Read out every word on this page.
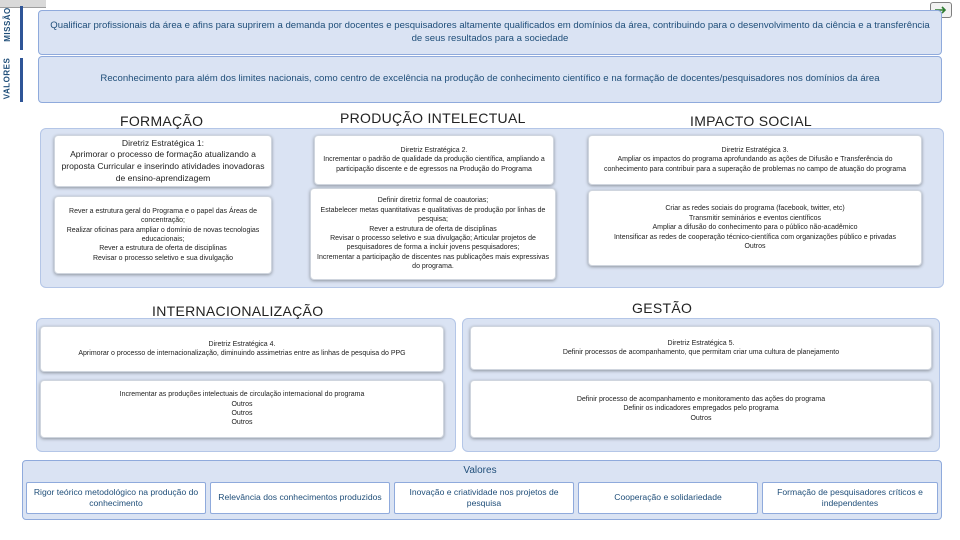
MISSÃO
VALORES
Qualificar profissionais da área e afins para suprirem a demanda por docentes e pesquisadores altamente qualificados em domínios da área, contribuindo para o desenvolvimento da ciência e a transferência de seus resultados para a sociedade
Reconhecimento para além dos limites nacionais, como centro de excelência na produção de conhecimento científico e na formação de docentes/pesquisadores nos domínios da área
FORMAÇÃO	PRODUÇÃO INTELECTUAL	IMPACTO SOCIAL
Diretriz Estratégica 1:
Aprimorar o processo de formação atualizando a proposta Curricular e inserindo atividades inovadoras de ensino-aprendizagem
Rever a estrutura geral do Programa e o papel das Áreas de concentração;
Realizar oficinas para ampliar o domínio de novas tecnologias educacionais;
Rever a estrutura de oferta de disciplinas
Revisar o processo seletivo e sua divulgação
Diretriz Estratégica 2.
Incrementar o padrão de qualidade da produção científica, ampliando a participação discente e de egressos na Produção do Programa
Definir diretriz formal de coautorias;
Estabelecer metas quantitativas e qualitativas de produção por linhas de pesquisa;
Rever a estrutura de oferta de disciplinas
Revisar o processo seletivo e sua divulgação; Articular projetos de pesquisadores de forma a incluir jovens pesquisadores;
Incrementar a participação de discentes nas publicações mais expressivas do programa.
Diretriz Estratégica 3.
Ampliar os impactos do programa aprofundando as ações de Difusão e Transferência do conhecimento para contribuir para a superação de problemas no campo de atuação do programa
Criar as redes sociais do programa (facebook, twitter, etc)
Transmitir seminários e eventos científicos
Ampliar a difusão do conhecimento para o público não-acadêmico
Intensificar as redes de cooperação técnico-científica com organizações público e privadas
Outros
INTERNACIONALIZAÇÃO	GESTÃO
Diretriz Estratégica 4.
Aprimorar o processo de internacionalização, diminuindo assimetrias entre as linhas de pesquisa do PPG
Incrementar as produções intelectuais de circulação internacional do programa
Outros
Outros
Outros
Diretriz Estratégica 5.
Definir processos de acompanhamento, que permitam criar uma cultura de planejamento
Definir processo de acompanhamento e monitoramento das ações do programa
Definir os indicadores empregados pelo programa
Outros
Valores
Rigor teórico metodológico na produção do conhecimento
Relevância dos conhecimentos produzidos
Inovação e criatividade nos projetos de pesquisa
Cooperação e solidariedade
Formação de pesquisadores críticos e independentes
